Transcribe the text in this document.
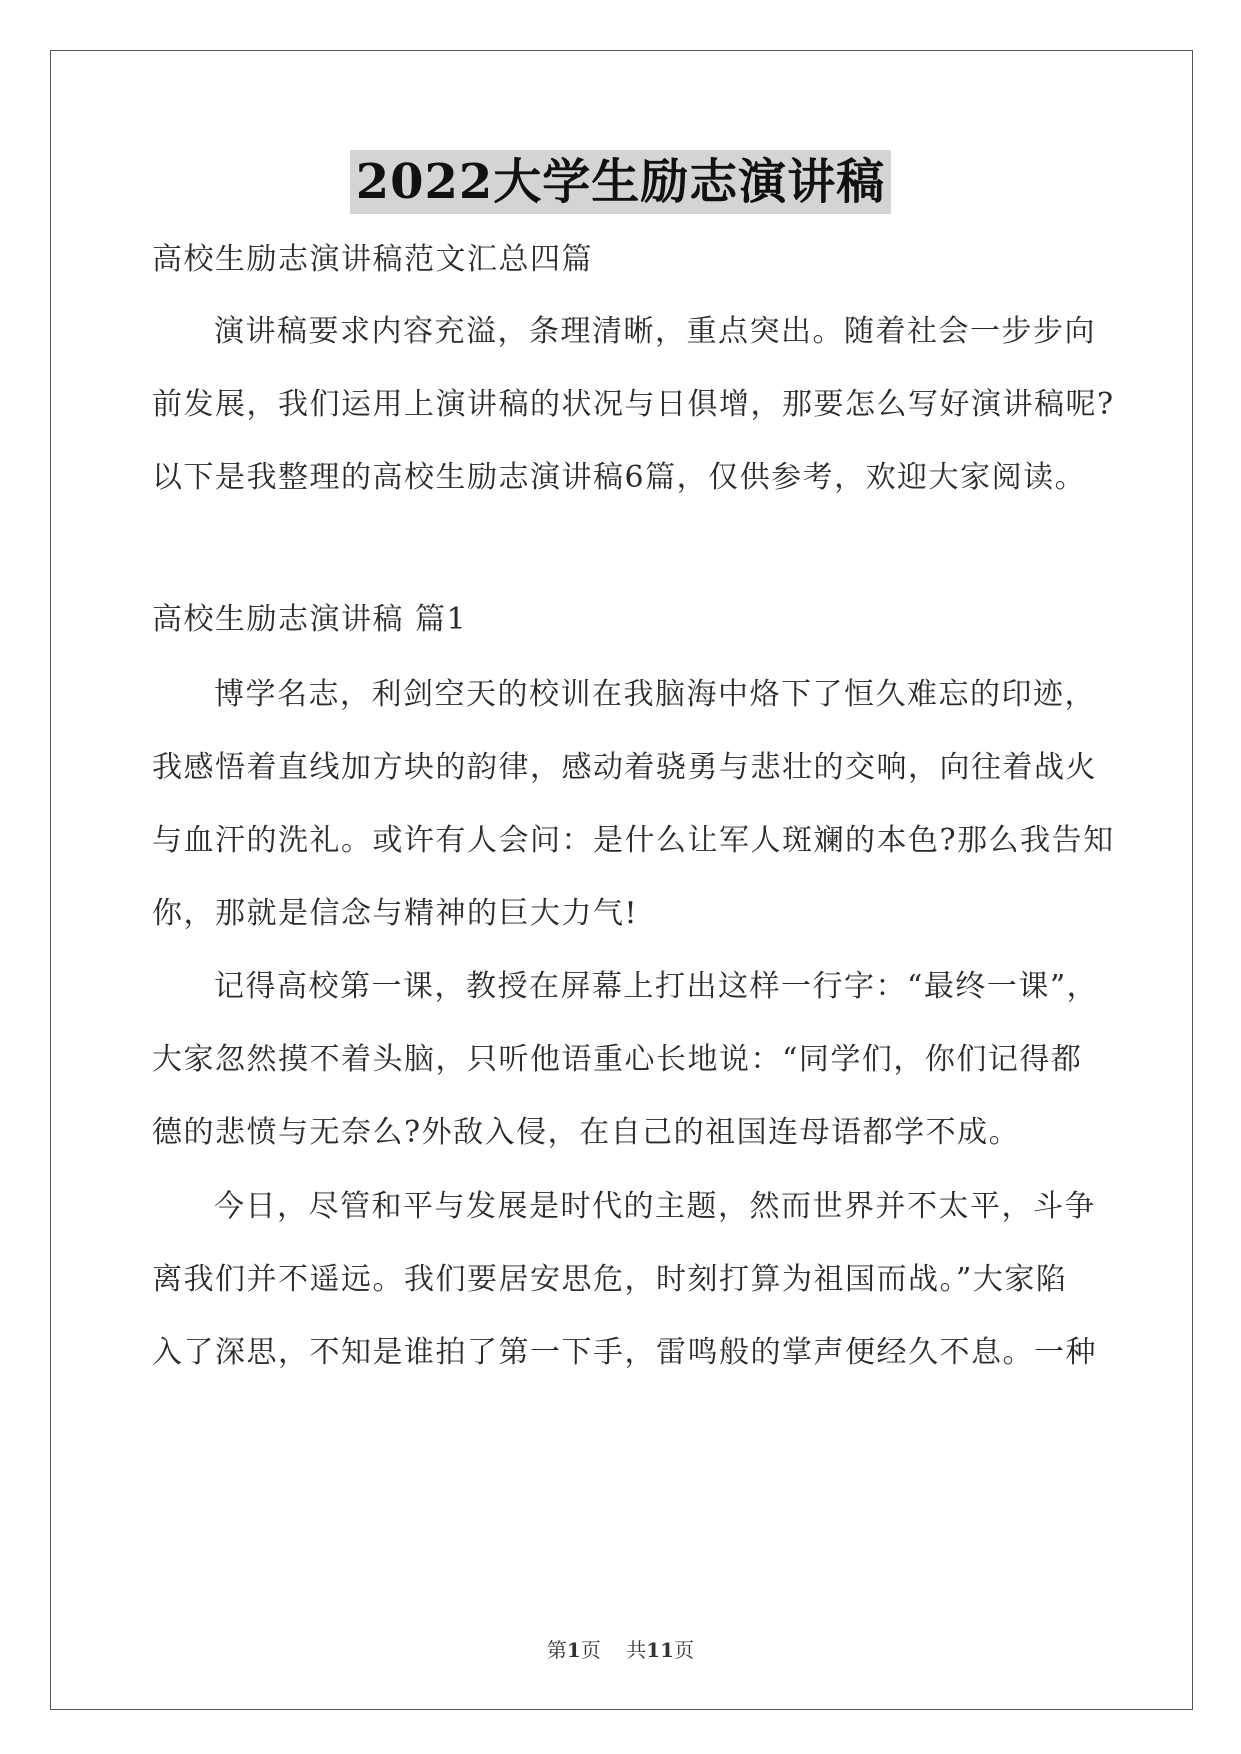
2022大学生励志演讲稿
高校生励志演讲稿范文汇总四篇
演讲稿要求内容充溢，条理清晰，重点突出。随着社会一步步向
前发展，我们运用上演讲稿的状况与日俱增，那要怎么写好演讲稿呢?
以下是我整理的高校生励志演讲稿6篇，仅供参考，欢迎大家阅读。
高校生励志演讲稿 篇1
博学名志，利剑空天的校训在我脑海中烙下了恒久难忘的印迹，
我感悟着直线加方块的韵律，感动着骁勇与悲壮的交响，向往着战火
与血汗的洗礼。或许有人会问：是什么让军人斑斓的本色?那么我告知
你，那就是信念与精神的巨大力气!
记得高校第一课，教授在屏幕上打出这样一行字：“最终一课”，
大家忽然摸不着头脑，只听他语重心长地说：“同学们，你们记得都
德的悲愤与无奈么?外敌入侵，在自己的祖国连母语都学不成。
今日，尽管和平与发展是时代的主题，然而世界并不太平，斗争
离我们并不遥远。我们要居安思危，时刻打算为祖国而战。”大家陷
入了深思，不知是谁拍了第一下手，雷鸣般的掌声便经久不息。一种
第1页 共11页
